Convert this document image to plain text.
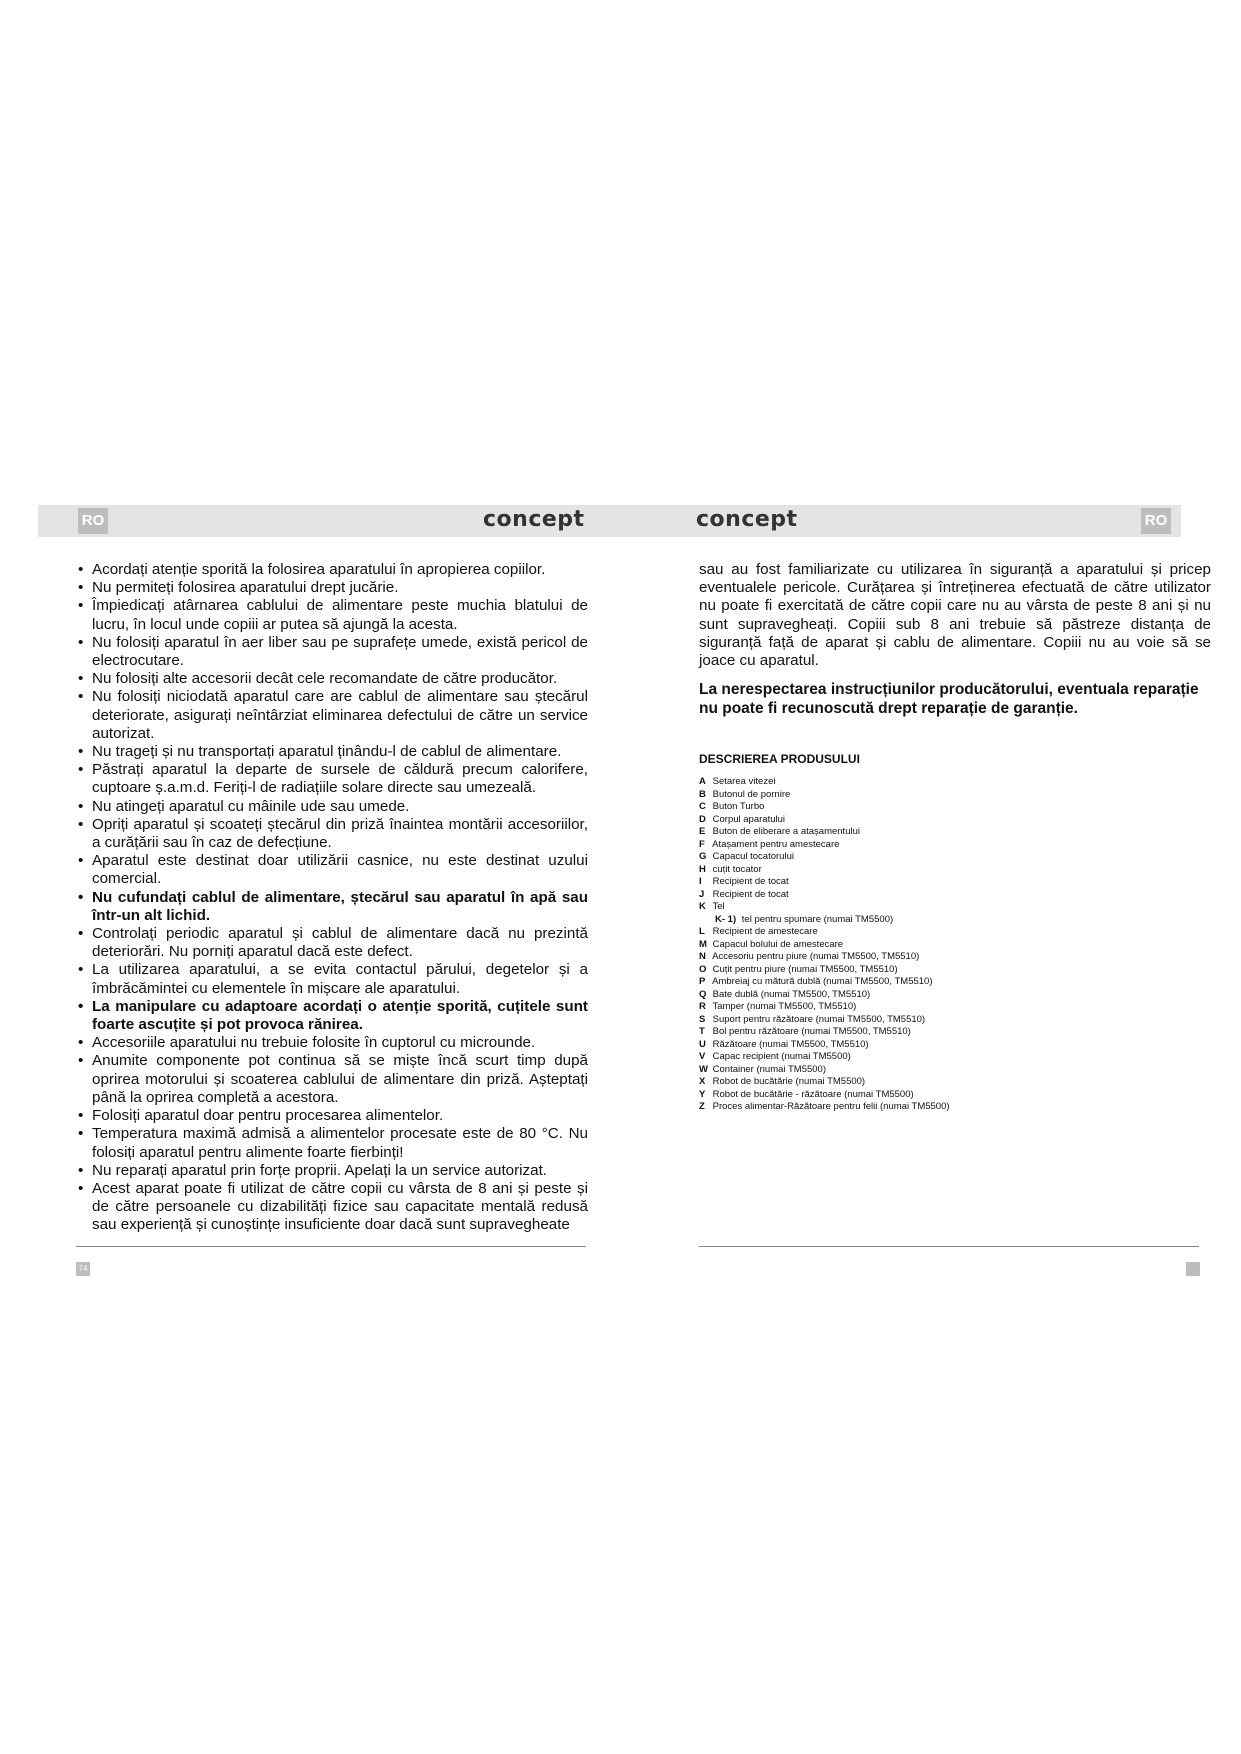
RO	concept
• Acordați atenție sporită la folosirea aparatului în apropierea copiilor.
• Nu permiteți folosirea aparatului drept jucărie.
• Împiedicați atârnarea cablului de alimentare peste muchia blatului de lucru, în locul unde copiii ar putea să ajungă la acesta.
• Nu folosiți aparatul în aer liber sau pe suprafețe umede, există pericol de electrocutare.
• Nu folosiți alte accesorii decât cele recomandate de către producător.
• Nu folosiți niciodată aparatul care are cablul de alimentare sau ștecărul deteriorate, asigurați neîntârziat eliminarea defectului de către un service autorizat.
• Nu trageți și nu transportați aparatul ținându-l de cablul de alimentare.
• Păstrați aparatul la departe de sursele de căldură precum calorifere, cuptoare ș.a.m.d. Feriți-l de radiațiile solare directe sau umezeală.
• Nu atingeți aparatul cu mâinile ude sau umede.
• Opriți aparatul și scoateți ștecărul din priză înaintea montării accesoriilor, a curățării sau în caz de defecțiune.
• Aparatul este destinat doar utilizării casnice, nu este destinat uzului comercial.
• Nu cufundați cablul de alimentare, ștecărul sau aparatul în apă sau într-un alt lichid.
• Controlați periodic aparatul și cablul de alimentare dacă nu prezintă deteriorări. Nu porniți aparatul dacă este defect.
• La utilizarea aparatului, a se evita contactul părului, degetelor și a îmbrăcămintei cu elementele în mișcare ale aparatului.
• La manipulare cu adaptoare acordați o atenție sporită, cuțitele sunt foarte ascuțite și pot provoca rănirea.
• Accesoriile aparatului nu trebuie folosite în cuptorul cu microunde.
• Anumite componente pot continua să se miște încă scurt timp după oprirea motorului și scoaterea cablului de alimentare din priză. Așteptați până la oprirea completă a acestora.
• Folosiți aparatul doar pentru procesarea alimentelor.
• Temperatura maximă admisă a alimentelor procesate este de 80 °C. Nu folosiți aparatul pentru alimente foarte fierbinți!
• Nu reparați aparatul prin forțe proprii. Apelați la un service autorizat.
• Acest aparat poate fi utilizat de către copii cu vârsta de 8 ani și peste și de către persoanele cu dizabilități fizice sau capacitate mentală redusă sau experiență și cunoștințe insuficiente doar dacă sunt supravegheate
74
concept	RO
sau au fost familiarizate cu utilizarea în siguranță a aparatului și pricep eventualele pericole. Curățarea și întreținerea efectuată de către utilizator nu poate fi exercitată de către copii care nu au vârsta de peste 8 ani și nu sunt supravegheați. Copiii sub 8 ani trebuie să păstreze distanța de siguranță față de aparat și cablu de alimentare. Copiii nu au voie să se joace cu aparatul.
La nerespectarea instrucțiunilor producătorului, eventuala reparație nu poate fi recunoscută drept reparație de garanție.
DESCRIEREA PRODUSULUI
A Setarea vitezei
B Butonul de pornire
C Buton Turbo
D Corpul aparatului
E Buton de eliberare a atașamentului
F Atașament pentru amestecare
G Capacul tocatorului
H cuțit tocator
I Recipient de tocat
J Recipient de tocat
K Tel
K- 1) tel pentru spumare (numai TM5500)
L Recipient de amestecare
M Capacul bolului de amestecare
N Accesoriu pentru piure (numai TM5500, TM5510)
O Cuțit pentru piure (numai TM5500, TM5510)
P Ambreiaj cu mătură dublă (numai TM5500, TM5510)
Q Bate dublă (numai TM5500, TM5510)
R Tamper (numai TM5500, TM5510)
S Suport pentru răzătoare (numai TM5500, TM5510)
T Bol pentru răzătoare (numai TM5500, TM5510)
U Răzătoare (numai TM5500, TM5510)
V Capac recipient (numai TM5500)
W Container (numai TM5500)
X Robot de bucătărie (numai TM5500)
Y Robot de bucătărie - răzătoare (numai TM5500)
Z Proces alimentar-Răzătoare pentru felii (numai TM5500)
